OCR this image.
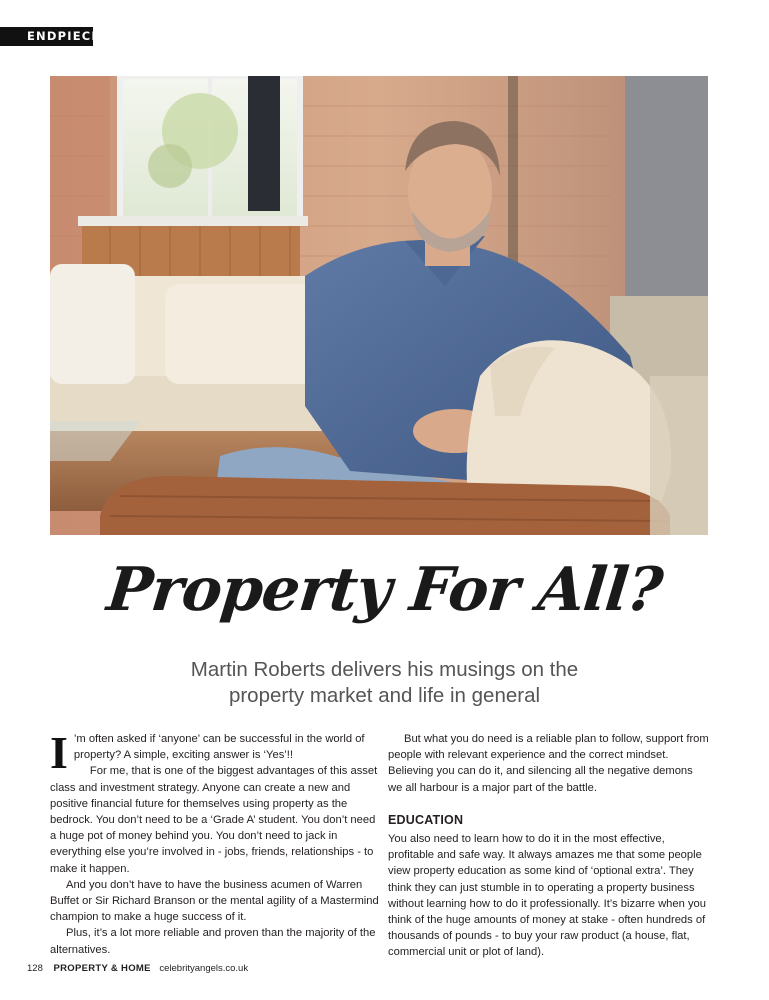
ENDPIECE
Property For All?
Martin Roberts delivers his musings on the
property market and life in general

I ’m often asked if ‘anyone’ can be successful in the world of property? A simple, exciting answer is ‘Yes’!!

For me, that is one of the biggest advantages of this asset class and investment strategy. Anyone can create a new and positive financial future for themselves using property as the bedrock. You don’t need to be a ‘Grade A’ student. You don’t need a huge pot of money behind you. You don’t need to jack in everything else you’re involved in - jobs, friends, relationships - to make it happen.

And you don’t have to have the business acumen of Warren Buffet or Sir Richard Branson or the mental agility of a Mastermind champion to make a huge success of it.

Plus, it’s a lot more reliable and proven than the majority of the alternatives.

But what you do need is a reliable plan to follow, support from people with relevant experience and the correct mindset. Believing you can do it, and silencing all the negative demons we all harbour is a major part of the battle.

EDUCATION

You also need to learn how to do it in the most effective, profitable and safe way. It always amazes me that some people view property education as some kind of ‘optional extra’. They think they can just stumble in to operating a property business without learning how to do it professionally. It’s bizarre when you think of the huge amounts of money at stake - often hundreds of thousands of pounds - to buy your raw product (a house, flat, commercial unit or plot of land).

128 PROPERTY & HOME celebrityangels.co.uk
